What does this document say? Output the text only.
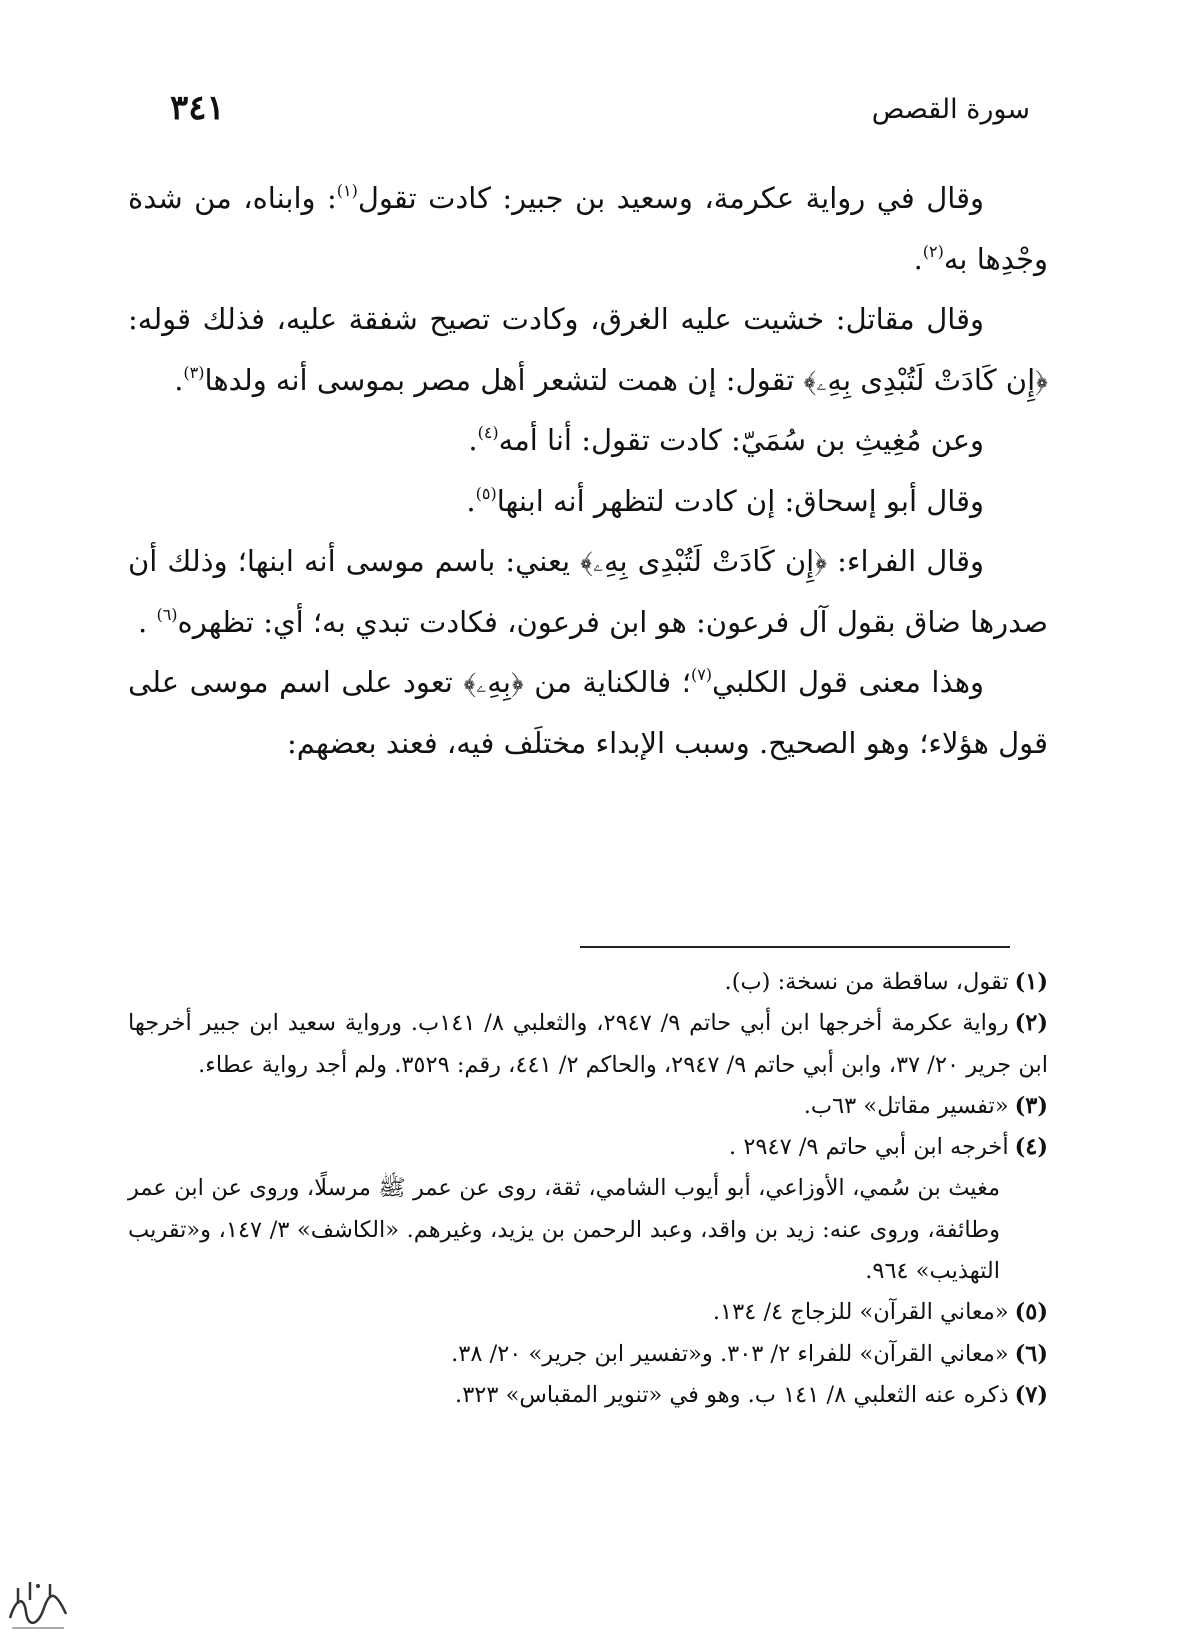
سورة القصص
٣٤١

وقال في رواية عكرمة، وسعيد بن جبير: كادت تقول$^{(١)}$: وابناه، من شدة وجْدِها به$^{(٢)}$.

وقال مقاتل: خشيت عليه الغرق، وكادت تصيح شفقة عليه، فذلك قوله: ﴿إِن كَادَتْ لَتُبْدِى بِهِۦ﴾ تقول: إن همت لتشعر أهل مصر بموسى أنه ولدها$^{(٣)}$.

وعن مُغِيثِ بن سُمَيّ: كادت تقول: أنا أمه$^{(٤)}$.

وقال أبو إسحاق: إن كادت لتظهر أنه ابنها$^{(٥)}$.

وقال الفراء: ﴿إِن كَادَتْ لَتُبْدِى بِهِۦ﴾ يعني: باسم موسى أنه ابنها؛ وذلك أن صدرها ضاق بقول آل فرعون: هو ابن فرعون، فكادت تبدي به؛ أي: تظهره$^{(٦)}$ .

وهذا معنى قول الكلبي$^{(٧)}$؛ فالكناية من ﴿بِهِۦ﴾ تعود على اسم موسى على قول هؤلاء؛ وهو الصحيح. وسبب الإبداء مختلَف فيه، فعند بعضهم:

(١)تقول، ساقطة من نسخة: (ب).

(٢)رواية عكرمة أخرجها ابن أبي حاتم ٩/ ٢٩٤٧، والثعلبي ٨/ ١٤١ب. ورواية سعيد ابن جبير أخرجها ابن جرير ٢٠/ ٣٧، وابن أبي حاتم ٩/ ٢٩٤٧، والحاكم ٢/ ٤٤١، رقم: ٣٥٢٩. ولم أجد رواية عطاء.

(٣)«تفسير مقاتل» ٦٣ب.

(٤)أخرجه ابن أبي حاتم ٩/ ٢٩٤٧ .

مغيث بن سُمي، الأوزاعي، أبو أيوب الشامي، ثقة، روى عن عمر ﷺ مرسلًا، وروى عن ابن عمر وطائفة، وروى عنه: زيد بن واقد، وعبد الرحمن بن يزيد، وغيرهم. «الكاشف» ٣/ ١٤٧، و«تقريب التهذيب» ٩٦٤.

(٥)«معاني القرآن» للزجاج ٤/ ١٣٤.

(٦)«معاني القرآن» للفراء ٢/ ٣٠٣. و«تفسير ابن جرير» ٢٠/ ٣٨.

(٧)ذكره عنه الثعلبي ٨/ ١٤١ ب. وهو في «تنوير المقباس» ٣٢٣.
